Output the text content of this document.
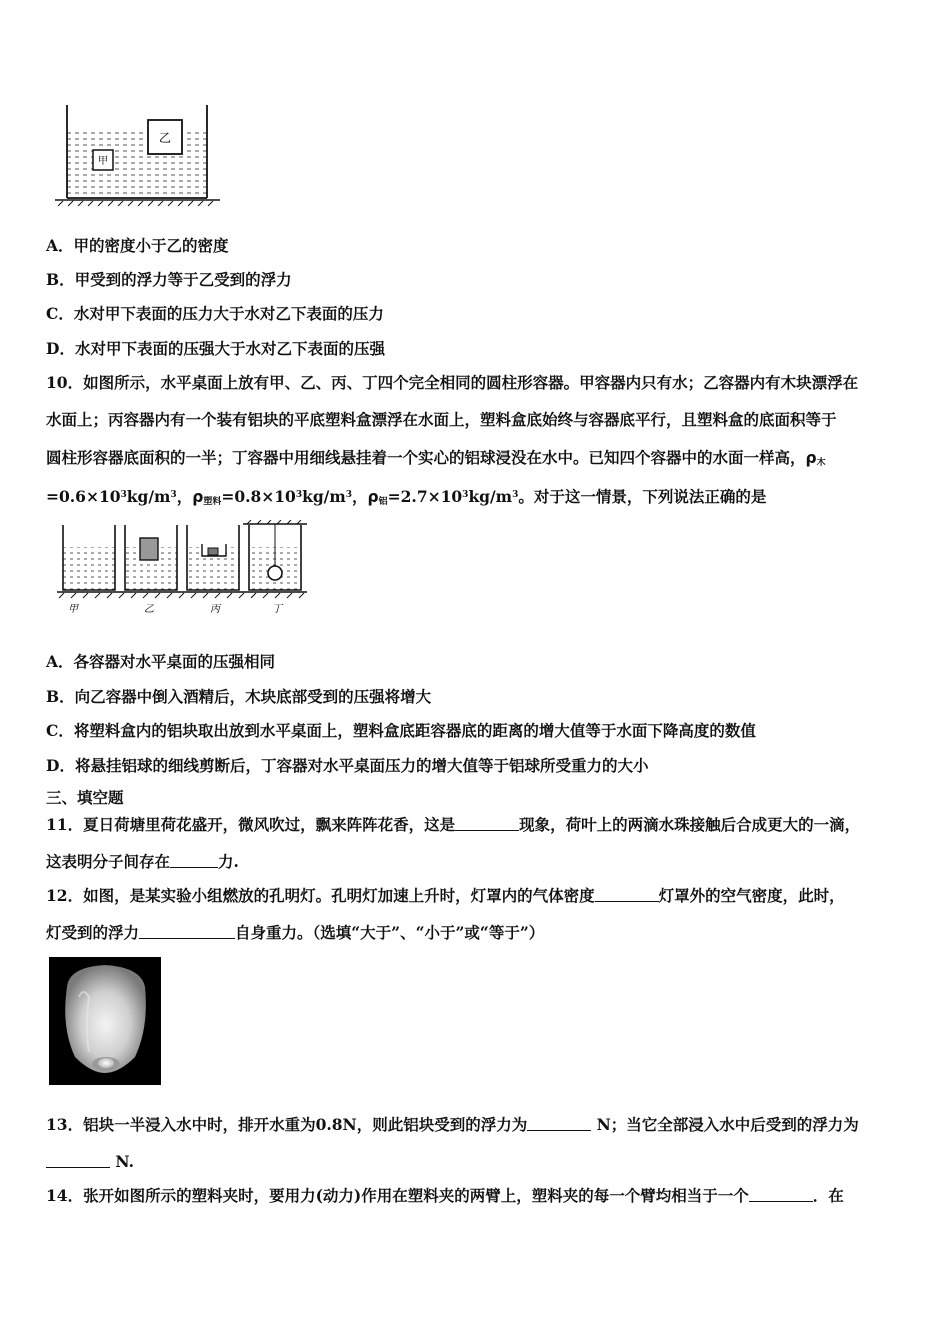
甲
乙
A．甲的密度小于乙的密度
B．甲受到的浮力等于乙受到的浮力
C．水对甲下表面的压力大于水对乙下表面的压力
D．水对甲下表面的压强大于水对乙下表面的压强
10．如图所示，水平桌面上放有甲、乙、丙、丁四个完全相同的圆柱形容器。甲容器内只有水；乙容器内有木块漂浮在
水面上；丙容器内有一个装有铝块的平底塑料盒漂浮在水面上，塑料盒底始终与容器底平行，且塑料盒的底面积等于
圆柱形容器底面积的一半；丁容器中用细线悬挂着一个实心的铝球浸没在水中。已知四个容器中的水面一样高，$\rho_木$
$=0.6\times 10^3kg/m^3$，$\rho_{塑料}=0.8\times 10^3kg/m^3$，$\rho_铝=2.7\times 10^3kg/m^3$。对于这一情景，下列说法正确的是
甲	乙	丙	丁
A．各容器对水平桌面的压强相同
B．向乙容器中倒入酒精后，木块底部受到的压强将增大
C．将塑料盒内的铝块取出放到水平桌面上，塑料盒底距容器底的距离的增大值等于水面下降高度的数值
D．将悬挂铝球的细线剪断后，丁容器对水平桌面压力的增大值等于铝球所受重力的大小
三、填空题
11．夏日荷塘里荷花盛开，微风吹过，飘来阵阵花香，这是	现象，荷叶上的两滴水珠接触后合成更大的一滴，
这表明分子间存在	力.
12．如图，是某实验小组燃放的孔明灯。孔明灯加速上升时，灯罩内的气体密度	灯罩外的空气密度，此时，
灯受到的浮力	自身重力。（选填“大于”、“小于”或“等于”）
13．铝块一半浸入水中时，排开水重为0.8N，则此铝块受到的浮力为	N；当它全部浸入水中后受到的浮力为
N.
14．张开如图所示的塑料夹时，要用力(动力)作用在塑料夹的两臂上，塑料夹的每一个臂均相当于一个	．在
